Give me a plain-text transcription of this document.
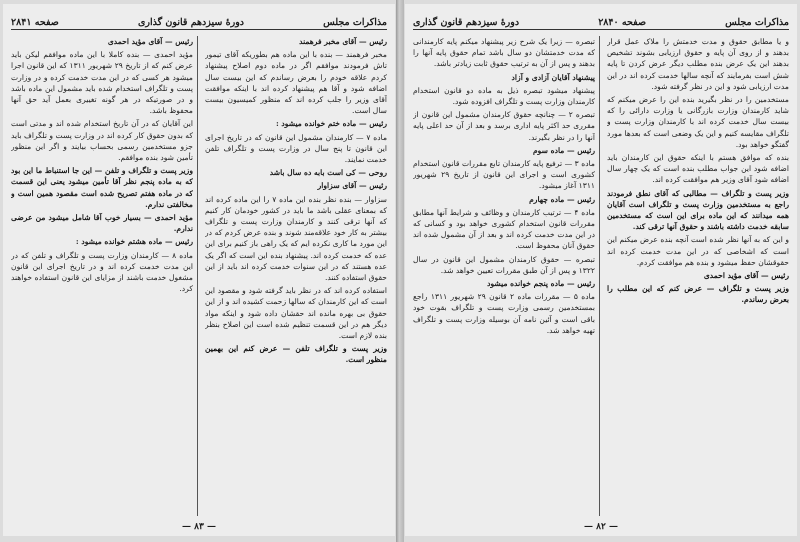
مذاکرات مجلس
دورهٔ سیزدهم قانون گذاری
صفحه ۲۸۴۱

رئیس — آقای مخبر فرهمند

مخبر فرهمند — بنده با این ماده هم بطوریکه آقای تیمور تاش فرمودند موافقم اگر در ماده دوم اصلاح پیشنهاد کردم علاقه خودم را بعرض رساندم که این بیست سال اضافه شود و آقا هم پیشنهاد کرده اند با اینکه موافقت آقای وزیر را جلب کرده اند که منظور کمیسیون بیست سال است.

رئیس — ماده ختم خوانده میشود :

ماده ۷ — کارمندان مشمول این قانون که در تاریخ اجرای این قانون تا پنج سال در وزارت پست و تلگراف تلفن خدمت نمایند.

روحی — کی است بابه ده سال باشد

رئیس — آقای سزاوار

سزاوار — بنده نظر بنده این ماده ۷ را این ماده کرده اند که بمعنای عقلی باشد ما باید در کشور خودمان کار کنیم که آنها ترقی کنند و کارمندان وزارت پست و تلگراف بیشتر به کار خود علاقه‌مند شوند و بنده عرض کردم که در این مورد ما کاری نکرده ایم که یک راهی باز کنیم برای این عده که خدمت کرده اند. پیشنهاد بنده این است که اگر یک عده هستند که در این سنوات خدمت کرده اند باید از این حقوق استفاده کنند.

استفاده کرده اند که در نظر باید گرفته شود و مقصود این است که این کارمندان که سالها زحمت کشیده اند و از این حقوق بی بهره مانده اند حقشان داده شود و اینکه مواد دیگر هم در این قسمت تنظیم شده است این اصلاح بنظر بنده لازم است.

وزیر پست و تلگراف تلفن — عرض کنم این بهمین منظور است.

رئیس — آقای مؤید احمدی

مؤید احمدی — بنده کاملا با این ماده موافقم لیکن باید عرض کنم که از تاریخ ۲۹ شهریور ۱۳۱۱ که این قانون اجرا میشود هر کسی که در این مدت خدمت کرده و در وزارت پست و تلگراف استخدام شده باید مشمول این ماده باشد و در صورتیکه در هر گونه تغییری بعمل آید حق آنها محفوظ باشد.

این آقایان که در آن تاریخ استخدام شده اند و مدتی است که بدون حقوق کار کرده اند در وزارت پست و تلگراف باید جزو مستخدمین رسمی بحساب بیایند و اگر این منظور تأمین شود بنده موافقم.

وزیر پست و تلگراف و تلفن — این جا استنباط ما این بود که به ماده پنجم نظر آقا تأمین میشود یعنی این قسمت که در ماده هفتم تصریح شده است مقصود همین است و مخالفتی ندارم.

مؤید احمدی — بسیار خوب آقا شامل میشود من عرضی ندارم.

رئیس — ماده هشتم خوانده میشود :

ماده ۸ — کارمندان وزارت پست و تلگراف و تلفن که در این مدت خدمت کرده اند و در تاریخ اجرای این قانون مشغول خدمت باشند از مزایای این قانون استفاده خواهند کرد.

— ۸۳ —
مذاکرات مجلس
صفحه ۲۸۴۰
دورهٔ سیزدهم قانون گذاری

و یا مطابق حقوق و مدت خدمتش را ملاک عمل قرار بدهند و از روی آن پایه و حقوق ارزیابی بشوند تشخیص بدهند این یک عرض بنده مطلب دیگر عرض کردن تا پایه شش است بفرمایند که آنچه سالها خدمت کرده اند در این مدت ارزیابی شود و این در نظر گرفته شود.

مستخدمین را در نظر بگیرید بنده این را عرض میکنم که شاید کارمندان وزارت بازرگانی یا وزارت دارائی را که بیست سال خدمت کرده اند با کارمندان وزارت پست و تلگراف مقایسه کنیم و این یک وضعی است که بعدها مورد گفتگو خواهد بود.

بنده که موافق هستم با اینکه حقوق این کارمندان باید اضافه شود این جواب مطلب بنده است که یک چهار سال اضافه شود آقای وزیر هم موافقت کرده اند.

وزیر پست و تلگراف — مطالبی که آقای نطق فرمودند راجع به مستخدمین وزارت پست و تلگراف است آقایان همه میدانند که این ماده برای این است که مستخدمین سابقه خدمت داشته باشند و حقوق آنها ترقی کند.

و این که به آنها نظر شده است آنچه بنده عرض میکنم این است که اشخاصی که در این مدت خدمت کرده اند حقوقشان حفظ میشود و بنده هم موافقت کردم.

رئیس — آقای مؤید احمدی

وزیر پست و تلگراف — عرض کنم که این مطلب را بعرض رساندم.

تبصره — زیرا یک شرح زیر پیشنهاد میکنم پایه کارمندانی که مدت خدمتشان دو سال باشد تمام حقوق پایه آنها را بدهند و پس از آن به ترتیب حقوق ثابت زیادتر باشد.

پیشنهاد آقایان آزادی و آزاد

پیشنهاد میشود تبصره ذیل به ماده دو قانون استخدام کارمندان وزارت پست و تلگراف افزوده شود.

تبصره ۲ — چنانچه حقوق کارمندان مشمول این قانون از مقرری حد اکثر پایه اداری برسد و بعد از آن حد اعلی پایه آنها را در نظر بگیرند.

رئیس — ماده سوم

ماده ۳ — ترفیع پایه کارمندان تابع مقررات قانون استخدام کشوری است و اجرای این قانون از تاریخ ۲۹ شهریور ۱۳۱۱ آغاز میشود.

رئیس — ماده چهارم

ماده ۴ — ترتیب کارمندان و وظائف و شرایط آنها مطابق مقررات قانون استخدام کشوری خواهد بود و کسانی که در این مدت خدمت کرده اند و بعد از آن مشمول شده اند حقوق آنان محفوظ است.

تبصره — حقوق کارمندان مشمول این قانون در سال ۱۳۲۲ و پس از آن طبق مقررات تعیین خواهد شد.

رئیس — ماده پنجم خوانده میشود

ماده ۵ — مقررات ماده ۲ قانون ۲۹ شهریور ۱۳۱۱ راجع بمستخدمین رسمی وزارت پست و تلگراف بقوت خود باقی است و آئین نامه آن بوسیله وزارت پست و تلگراف تهیه خواهد شد.

— ۸۲ —
